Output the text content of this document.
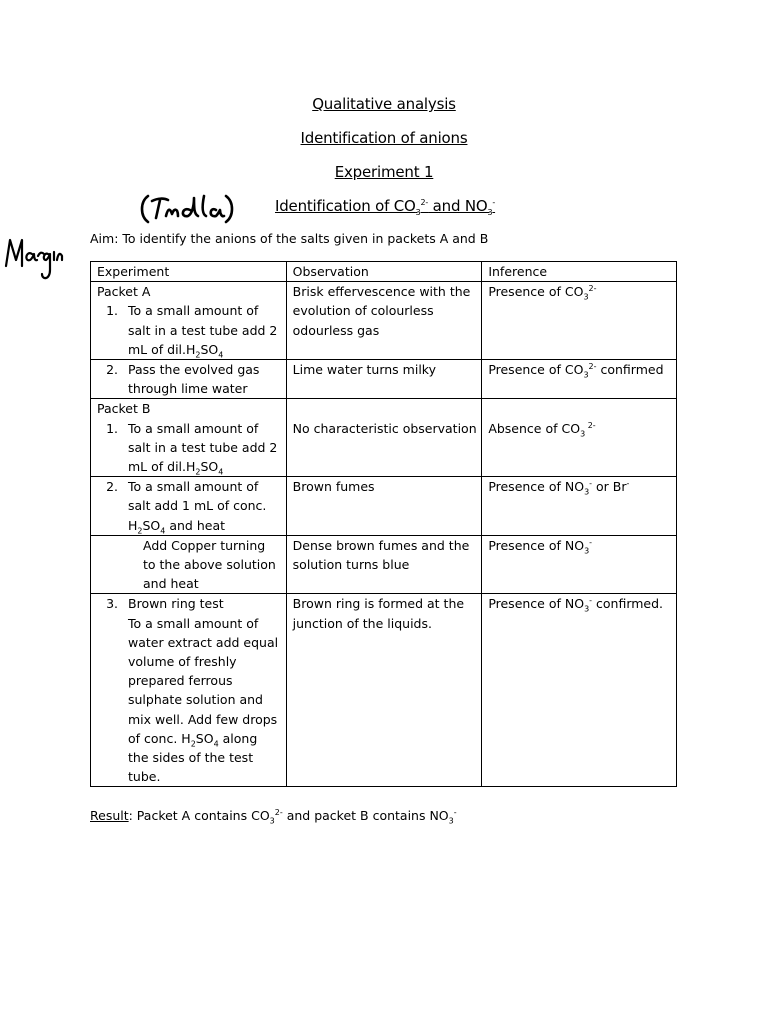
Qualitative analysis
Identification of anions
Experiment 1
Identification of $CO_3^{2-}$ and $NO_3^-$
Aim: To identify the anions of the salts given in packets A and B
Experiment	Observation	Inference

Packet A
1. To a small amount of salt in a test tube add 2 mL of $dil.H_2SO_4$	Brisk effervescence with the evolution of colourless odourless gas	Presence of $CO_3^{2-}$

2. Pass the evolved gas through lime water	Lime water turns milky	Presence of $CO_3^{2-}$ confirmed

Packet B
1. To a small amount of salt in a test tube add 2 mL of $dil.H_2SO_4$	No characteristic observation	Absence of $CO_3$ $^{2-}$

2. To a small amount of salt add 1 mL of conc. $H_2SO_4$ and heat	Brown fumes	Presence of $NO_3^-$ or Br-

Add Copper turning to the above solution and heat	Dense brown fumes and the solution turns blue	Presence of $NO_3^-$

3. Brown ring test
To a small amount of water extract add equal volume of freshly prepared ferrous sulphate solution and mix well. Add few drops of conc. $H_2SO_4$ along the sides of the test tube.	Brown ring is formed at the junction of the liquids.	Presence of $NO_3^-$ confirmed.
Result: Packet A contains $CO_3^{2-}$ and packet B contains $NO_3^-$
